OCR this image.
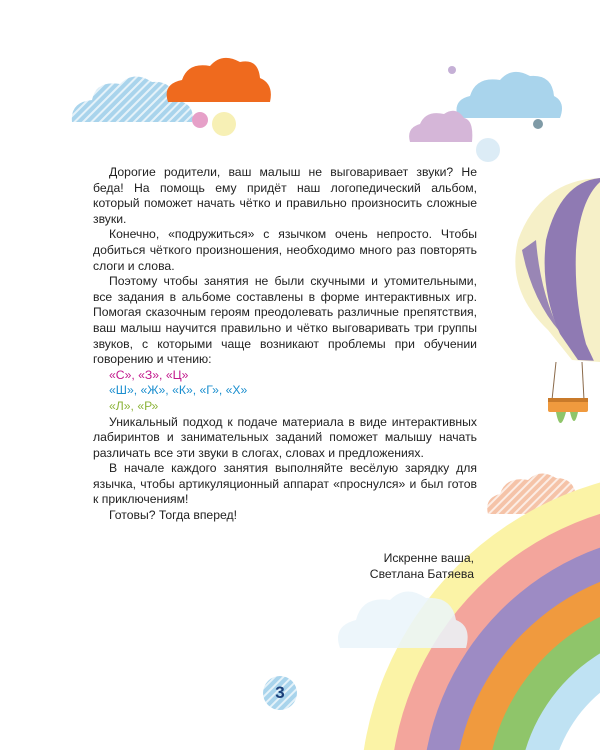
Дорогие родители, ваш малыш не выговаривает звуки? Не беда! На помощь ему придёт наш логопедический альбом, который поможет начать чётко и правильно произносить сложные звуки.

Конечно, «подружиться» с язычком очень непросто. Чтобы добиться чёткого произношения, необходимо много раз повторять слоги и слова.

Поэтому чтобы занятия не были скучными и утомительными, все задания в альбоме составлены в форме интерактивных игр. Помогая сказочным героям преодолевать различные препятствия, ваш малыш научится правильно и чётко выговаривать три группы звуков, с которыми чаще возникают проблемы при обучении говорению и чтению:

«С», «З», «Ц»
«Ш», «Ж», «К», «Г», «Х»
«Л», «Р»

Уникальный подход к подаче материала в виде интерактивных лабиринтов и занимательных заданий поможет малышу начать различать все эти звуки в слогах, словах и предложениях.

В начале каждого занятия выполняйте весёлую зарядку для язычка, чтобы артикуляционный аппарат «проснулся» и был готов к приключениям!

Готовы? Тогда вперед!

Искренне ваша,
Светлана Батяева
3
